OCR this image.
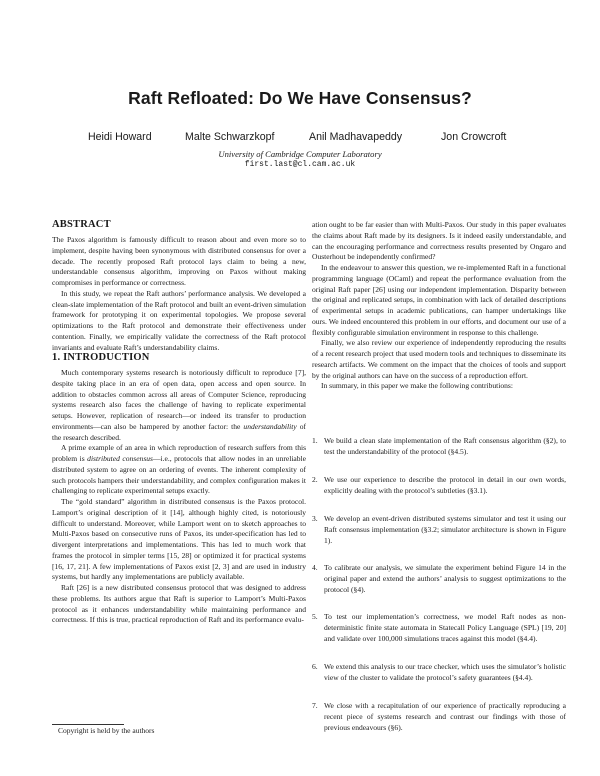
Raft Refloated: Do We Have Consensus?
Heidi Howard	Malte Schwarzkopf	Anil Madhavapeddy	Jon Crowcroft
University of Cambridge Computer Laboratory
first.last@cl.cam.ac.uk
ABSTRACT

The Paxos algorithm is famously difficult to reason about and even more so to implement, despite having been synonymous with distributed consensus for over a decade. The recently proposed Raft protocol lays claim to being a new, understandable consensus algorithm, improving on Paxos without making compromises in performance or correctness.

In this study, we repeat the Raft authors’ performance analysis. We developed a clean-slate implementation of the Raft protocol and built an event-driven simulation framework for prototyping it on experimental topologies. We propose several optimizations to the Raft protocol and demonstrate their effectiveness under contention. Finally, we empirically validate the correctness of the Raft protocol invariants and evaluate Raft’s understandability claims.

1. INTRODUCTION

Much contemporary systems research is notoriously difficult to reproduce [7], despite taking place in an era of open data, open access and open source. In addition to obstacles common across all areas of Computer Science, reproducing systems research also faces the challenge of having to replicate experimental setups. However, replication of research—or indeed its transfer to production environments—can also be hampered by another factor: the understandability of the research described.

A prime example of an area in which reproduction of research suffers from this problem is distributed consensus—i.e., protocols that allow nodes in an unreliable distributed system to agree on an ordering of events. The inherent complexity of such protocols hampers their understandability, and complex configuration makes it challenging to replicate experimental setups exactly.

The “gold standard” algorithm in distributed consensus is the Paxos protocol. Lamport’s original description of it [14], although highly cited, is notoriously difficult to understand. Moreover, while Lamport went on to sketch approaches to Multi-Paxos based on consecutive runs of Paxos, its under-specification has led to divergent interpretations and implementations. This has led to much work that frames the protocol in simpler terms [15, 28] or optimized it for practical systems [16, 17, 21]. A few implementations of Paxos exist [2, 3] and are used in industry systems, but hardly any implementations are publicly available.

Raft [26] is a new distributed consensus protocol that was designed to address these problems. Its authors argue that Raft is superior to Lamport’s Multi-Paxos protocol as it enhances understandability while maintaining performance and correctness. If this is true, practical reproduction of Raft and its performance evalu-

Copyright is held by the authors

ation ought to be far easier than with Multi-Paxos. Our study in this paper evaluates the claims about Raft made by its designers. Is it indeed easily understandable, and can the encouraging performance and correctness results presented by Ongaro and Ousterhout be independently confirmed?

In the endeavour to answer this question, we re-implemented Raft in a functional programming language (OCaml) and repeat the performance evaluation from the original Raft paper [26] using our independent implementation. Disparity between the original and replicated setups, in combination with lack of detailed descriptions of experimental setups in academic publications, can hamper undertakings like ours. We indeed encountered this problem in our efforts, and document our use of a flexibly configurable simulation environment in response to this challenge.

Finally, we also review our experience of independently reproducing the results of a recent research project that used modern tools and techniques to disseminate its research artifacts. We comment on the impact that the choices of tools and support by the original authors can have on the success of a reproduction effort.

In summary, in this paper we make the following contributions:

1. We build a clean slate implementation of the Raft consensus algorithm (§2), to test the understandability of the protocol (§4.5).
2. We use our experience to describe the protocol in detail in our own words, explicitly dealing with the protocol’s subtleties (§3.1).
3. We develop an event-driven distributed systems simulator and test it using our Raft consensus implementation (§3.2; simulator architecture is shown in Figure 1).
4. To calibrate our analysis, we simulate the experiment behind Figure 14 in the original paper and extend the authors’ analysis to suggest optimizations to the protocol (§4).
5. To test our implementation’s correctness, we model Raft nodes as non-deterministic finite state automata in Statecall Policy Language (SPL) [19, 20] and validate over 100,000 simulations traces against this model (§4.4).
6. We extend this analysis to our trace checker, which uses the simulator’s holistic view of the cluster to validate the protocol’s safety guarantees (§4.4).
7. We close with a recapitulation of our experience of practically reproducing a recent piece of systems research and contrast our findings with those of previous endeavours (§6).
